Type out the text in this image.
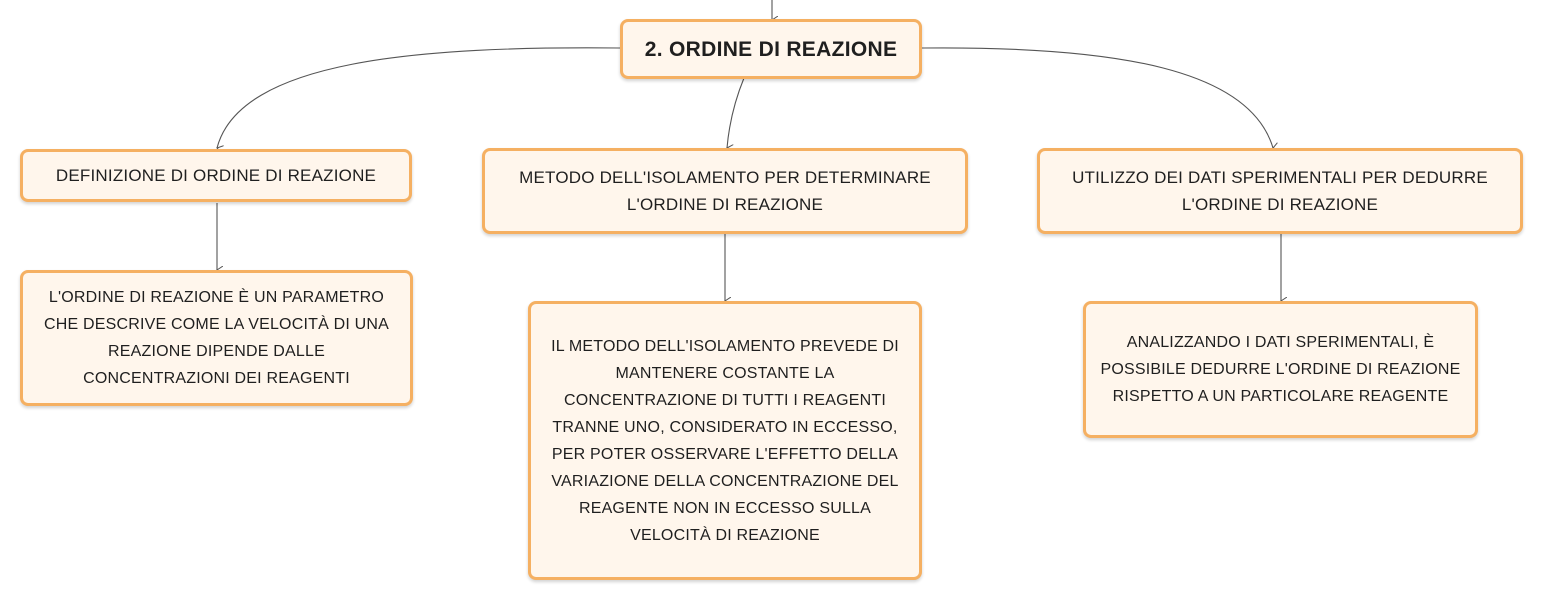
2. ORDINE DI REAZIONE
DEFINIZIONE DI ORDINE DI REAZIONE	METODO DELL'ISOLAMENTO PER DETERMINARE
L'ORDINE DI REAZIONE
UTILIZZO DEI DATI SPERIMENTALI PER DEDURRE
L'ORDINE DI REAZIONE
L'ORDINE DI REAZIONE È UN PARAMETRO
CHE DESCRIVE COME LA VELOCITÀ DI UNA
REAZIONE DIPENDE DALLE
CONCENTRAZIONI DEI REAGENTI
IL METODO DELL'ISOLAMENTO PREVEDE DI
MANTENERE COSTANTE LA
CONCENTRAZIONE DI TUTTI I REAGENTI
TRANNE UNO, CONSIDERATO IN ECCESSO,
PER POTER OSSERVARE L'EFFETTO DELLA
VARIAZIONE DELLA CONCENTRAZIONE DEL
REAGENTE NON IN ECCESSO SULLA
VELOCITÀ DI REAZIONE
ANALIZZANDO I DATI SPERIMENTALI, È
POSSIBILE DEDURRE L'ORDINE DI REAZIONE
RISPETTO A UN PARTICOLARE REAGENTE
